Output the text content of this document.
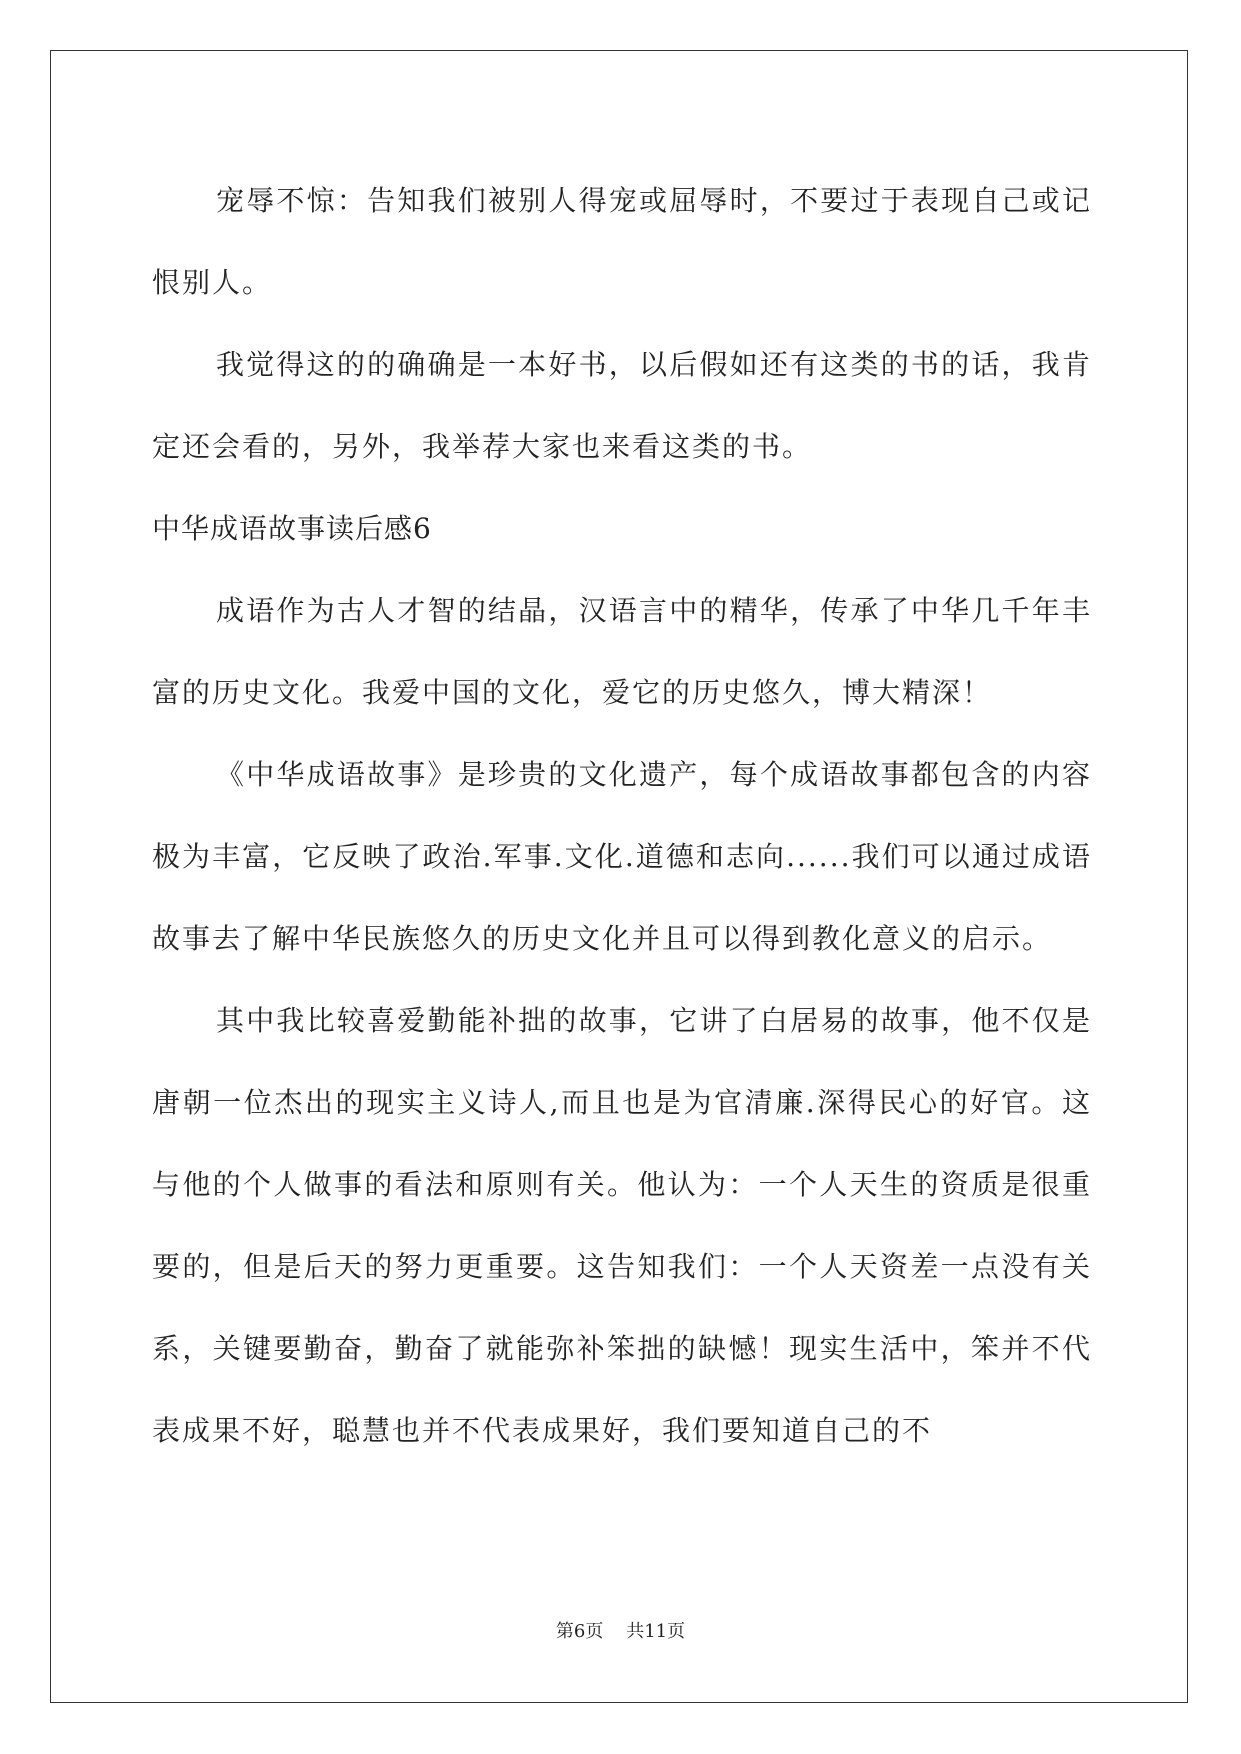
宠辱不惊：告知我们被别人得宠或屈辱时，不要过于表现自己或记恨别人。

我觉得这的的确确是一本好书，以后假如还有这类的书的话，我肯定还会看的，另外，我举荐大家也来看这类的书。

中华成语故事读后感6

成语作为古人才智的结晶，汉语言中的精华，传承了中华几千年丰富的历史文化。我爱中国的文化，爱它的历史悠久，博大精深！

《中华成语故事》是珍贵的文化遗产，每个成语故事都包含的内容极为丰富，它反映了政治.军事.文化.道德和志向......我们可以通过成语故事去了解中华民族悠久的历史文化并且可以得到教化意义的启示。

其中我比较喜爱勤能补拙的故事，它讲了白居易的故事，他不仅是唐朝一位杰出的现实主义诗人,而且也是为官清廉.深得民心的好官。这与他的个人做事的看法和原则有关。他认为：一个人天生的资质是很重要的，但是后天的努力更重要。这告知我们：一个人天资差一点没有关系，关键要勤奋，勤奋了就能弥补笨拙的缺憾！现实生活中，笨并不代表成果不好，聪慧也并不代表成果好，我们要知道自己的不

第6页 共11页
